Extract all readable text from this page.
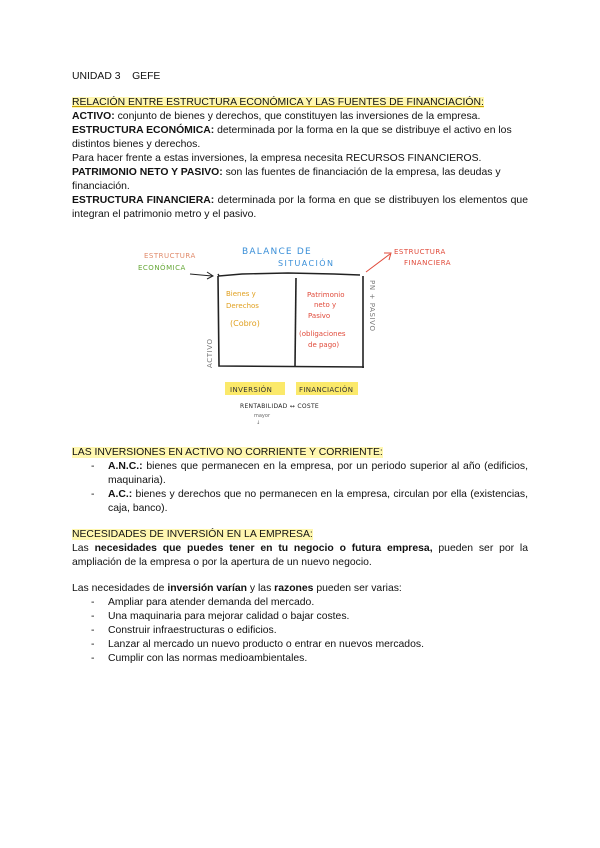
UNIDAD 3 GEFE

RELACIÓN ENTRE ESTRUCTURA ECONÓMICA Y LAS FUENTES DE FINANCIACIÓN:

ACTIVO: conjunto de bienes y derechos, que constituyen las inversiones de la empresa.

ESTRUCTURA ECONÓMICA: determinada por la forma en la que se distribuye el activo en los distintos bienes y derechos.

Para hacer frente a estas inversiones, la empresa necesita RECURSOS FINANCIEROS.

PATRIMONIO NETO Y PASIVO: son las fuentes de financiación de la empresa, las deudas y financiación.

ESTRUCTURA FINANCIERA: determinada por la forma en que se distribuyen los elementos que integran el patrimonio metro y el pasivo.

BALANCE DE
SITUACIÓN
ESTRUCTURA
ECONÓMICA
ESTRUCTURA
FINANCIERA
Bienes y
Derechos
(Cobro)
Patrimonio
neto y
Pasivo
(obligaciones
de pago)
ACTIVO
PN + PASIVO
INVERSIÓN	FINANCIACIÓN
RENTABILIDAD ↔ COSTE
mayor
↓

LAS INVERSIONES EN ACTIVO NO CORRIENTE Y CORRIENTE:

- A.N.C.: bienes que permanecen en la empresa, por un periodo superior al año (edificios, maquinaria).
- A.C.: bienes y derechos que no permanecen en la empresa, circulan por ella (existencias, caja, banco).

NECESIDADES DE INVERSIÓN EN LA EMPRESA:

Las necesidades que puedes tener en tu negocio o futura empresa, pueden ser por la ampliación de la empresa o por la apertura de un nuevo negocio.

Las necesidades de inversión varían y las razones pueden ser varias:

- Ampliar para atender demanda del mercado.
- Una maquinaria para mejorar calidad o bajar costes.
- Construir infraestructuras o edificios.
- Lanzar al mercado un nuevo producto o entrar en nuevos mercados.
- Cumplir con las normas medioambientales.
